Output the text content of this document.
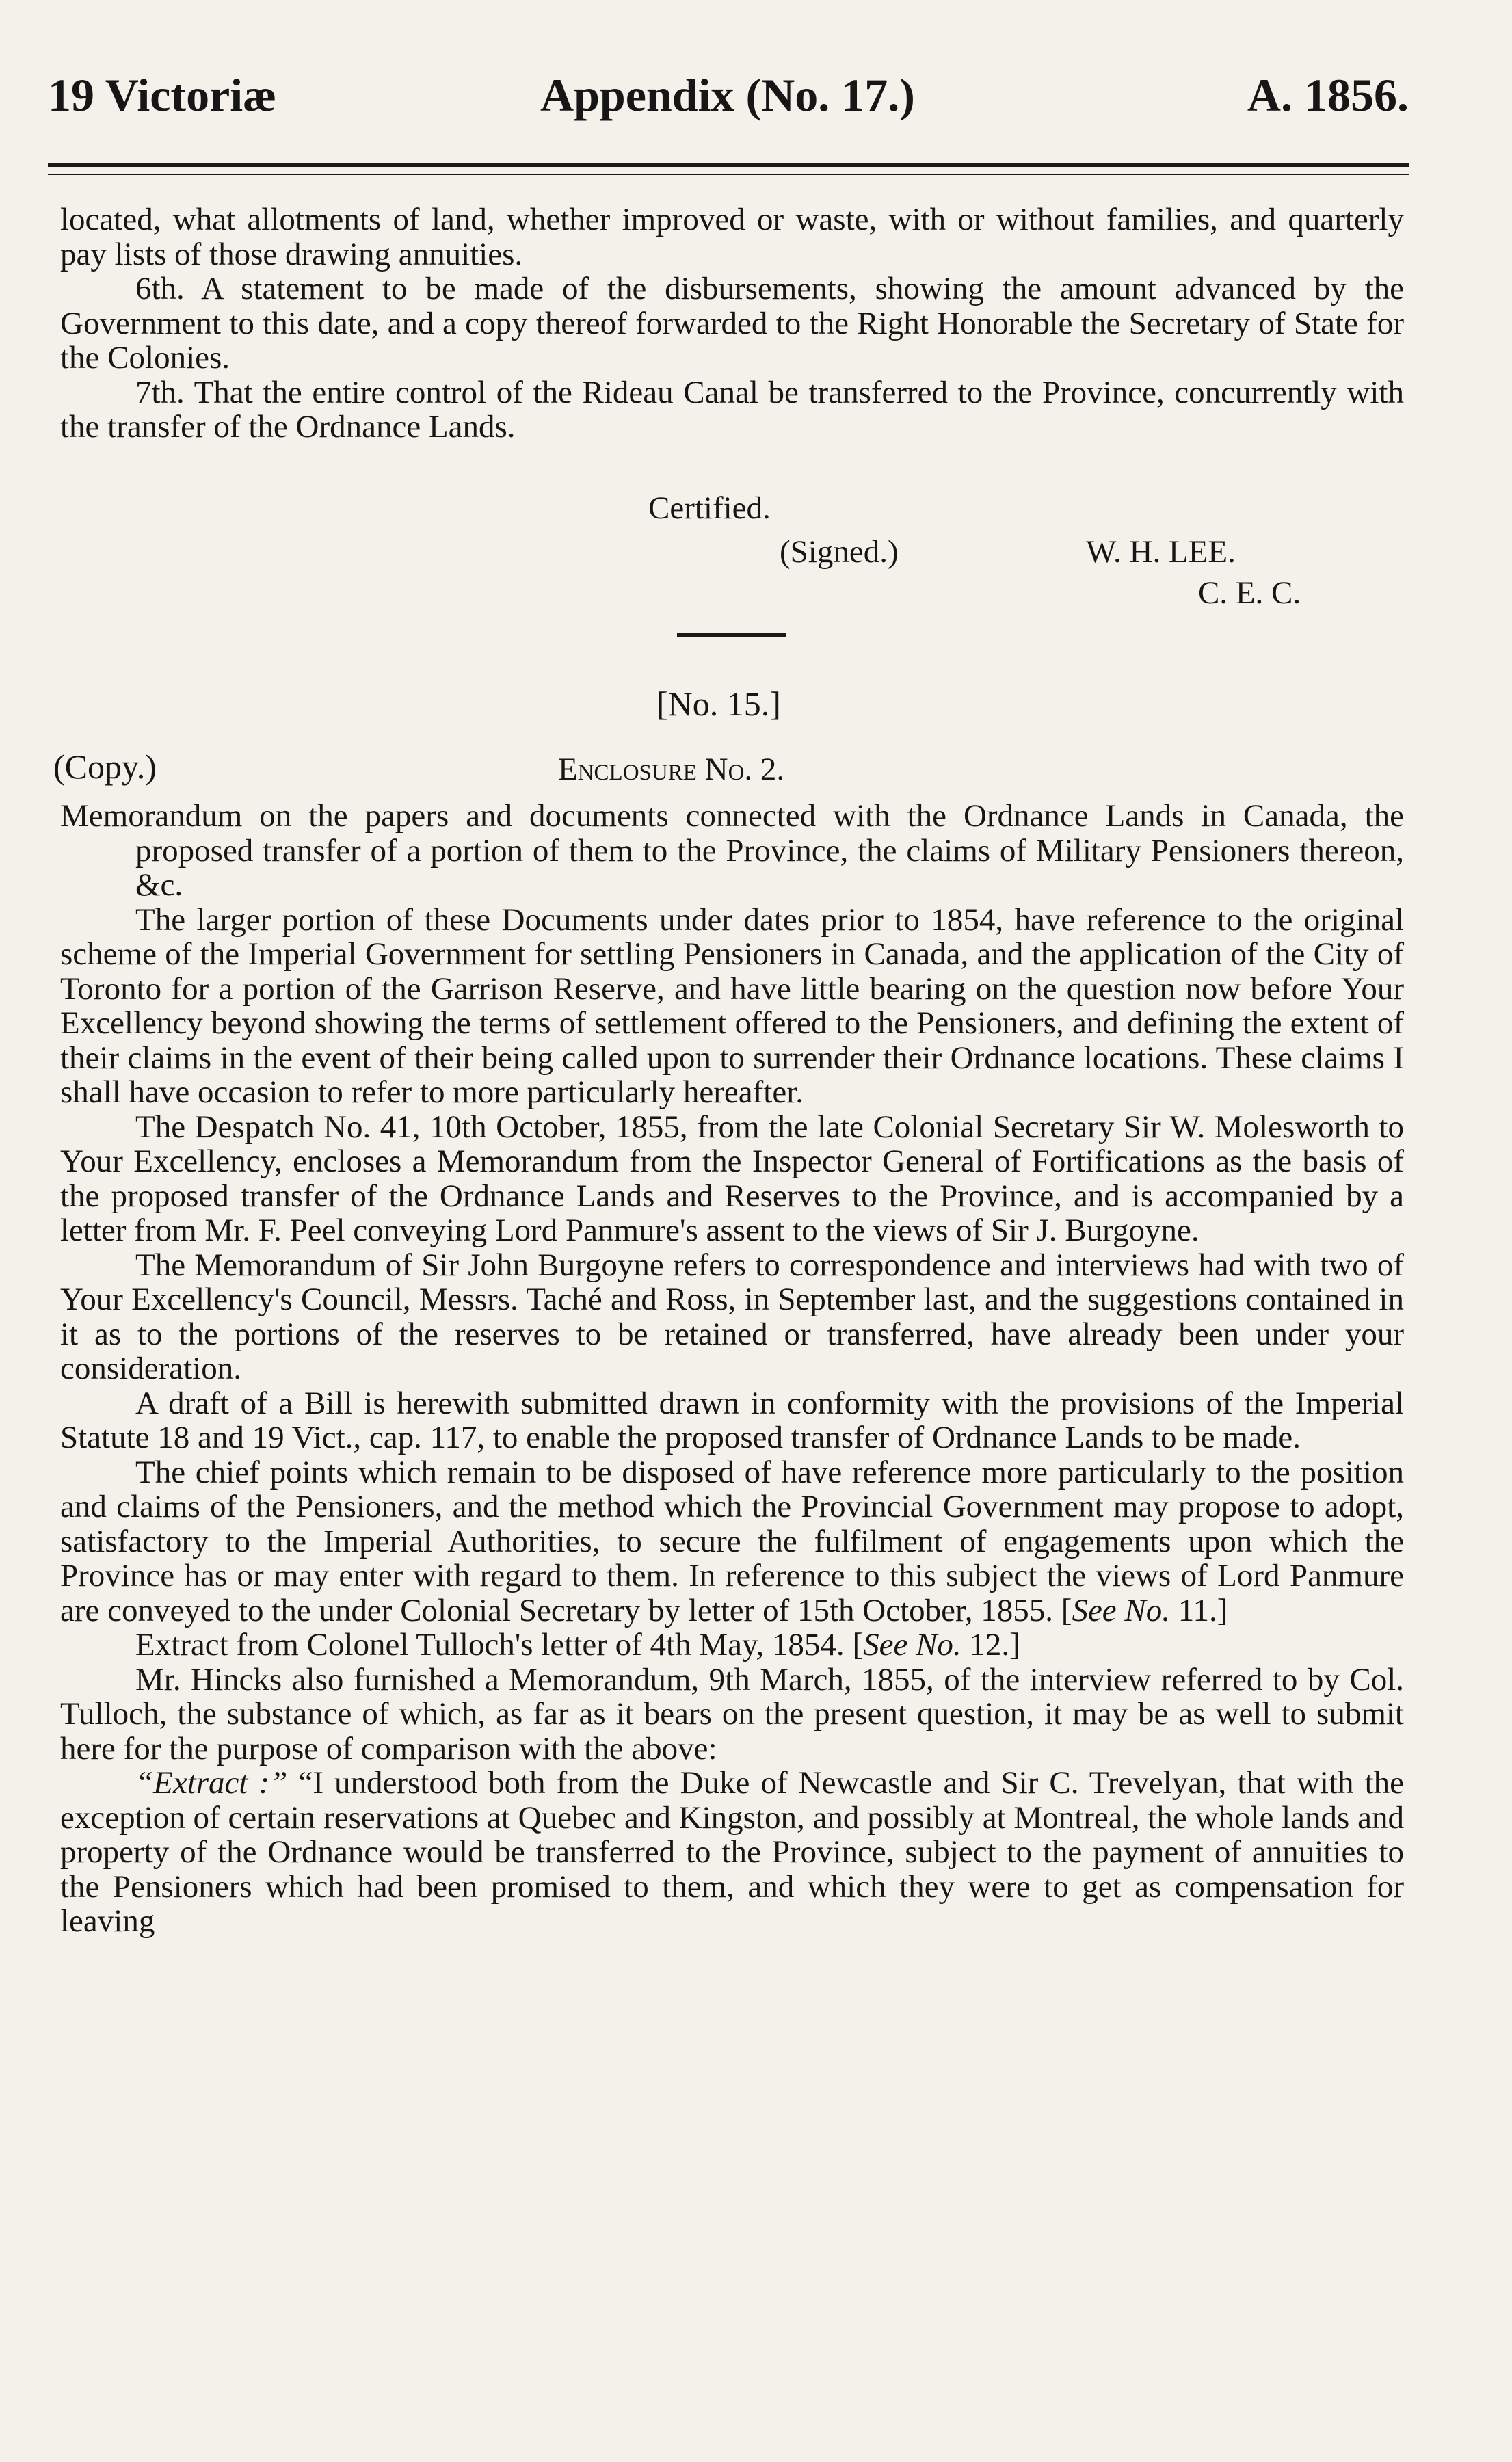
19 Victoriæ	Appendix (No. 17.)	A. 1856.

located, what allotments of land, whether improved or waste, with or without families, and quarterly pay lists of those drawing annuities.

6th. A statement to be made of the disbursements, showing the amount advanced by the Government to this date, and a copy thereof forwarded to the Right Honorable the Secretary of State for the Colonies.

7th. That the entire control of the Rideau Canal be transferred to the Province, concurrently with the transfer of the Ordnance Lands.

Certified.
(Signed.)	W. H. LEE.
C. E. C.
[No. 15.]
(Copy.)	Enclosure No. 2.

Memorandum on the papers and documents connected with the Ordnance Lands in Canada, the proposed transfer of a portion of them to the Province, the claims of Military Pensioners thereon, &c.

The larger portion of these Documents under dates prior to 1854, have reference to the original scheme of the Imperial Government for settling Pensioners in Canada, and the application of the City of Toronto for a portion of the Garrison Reserve, and have little bearing on the question now before Your Excellency beyond showing the terms of settlement offered to the Pensioners, and defining the extent of their claims in the event of their being called upon to surrender their Ordnance locations. These claims I shall have occasion to refer to more particularly hereafter.

The Despatch No. 41, 10th October, 1855, from the late Colonial Secretary Sir W. Molesworth to Your Excellency, encloses a Memorandum from the Inspector General of Fortifications as the basis of the proposed transfer of the Ordnance Lands and Reserves to the Province, and is accompanied by a letter from Mr. F. Peel conveying Lord Panmure's assent to the views of Sir J. Burgoyne.

The Memorandum of Sir John Burgoyne refers to correspondence and interviews had with two of Your Excellency's Council, Messrs. Taché and Ross, in September last, and the suggestions contained in it as to the portions of the reserves to be retained or transferred, have already been under your consideration.

A draft of a Bill is herewith submitted drawn in conformity with the provisions of the Imperial Statute 18 and 19 Vict., cap. 117, to enable the proposed transfer of Ordnance Lands to be made.

The chief points which remain to be disposed of have reference more particularly to the position and claims of the Pensioners, and the method which the Provincial Government may propose to adopt, satisfactory to the Imperial Authorities, to secure the fulfilment of engagements upon which the Province has or may enter with regard to them. In reference to this subject the views of Lord Panmure are conveyed to the under Colonial Secretary by letter of 15th October, 1855. [See No. 11.]

Extract from Colonel Tulloch's letter of 4th May, 1854. [See No. 12.]

Mr. Hincks also furnished a Memorandum, 9th March, 1855, of the interview referred to by Col. Tulloch, the substance of which, as far as it bears on the present question, it may be as well to submit here for the purpose of comparison with the above:

“Extract :” “I understood both from the Duke of Newcastle and Sir C. Trevelyan, that with the exception of certain reservations at Quebec and Kingston, and possibly at Montreal, the whole lands and property of the Ordnance would be transferred to the Province, subject to the payment of annuities to the Pensioners which had been promised to them, and which they were to get as compensation for leaving
